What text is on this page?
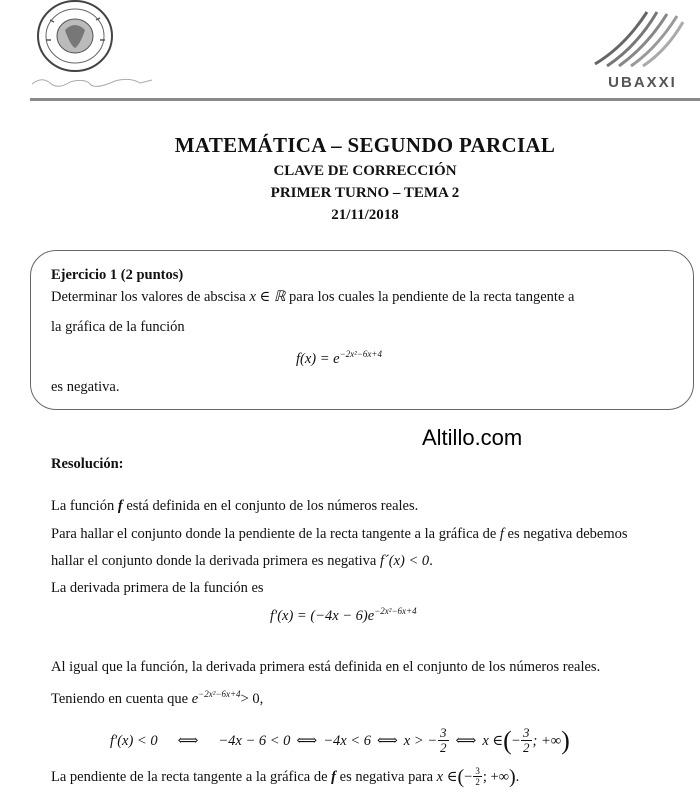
UBAXXI
MATEMÁTICA – SEGUNDO PARCIAL
CLAVE DE CORRECCIÓN
PRIMER TURNO – TEMA 2
21/11/2018
Ejercicio 1 (2 puntos)
Determinar los valores de abscisa x ∈ ℝ para los cuales la pendiente de la recta tangente a
la gráfica de la función
$f(x) = e^{-2x^2-6x+4}$
es negativa.
Altillo.com
Resolución:
La función f está definida en el conjunto de los números reales.
Para hallar el conjunto donde la pendiente de la recta tangente a la gráfica de f es negativa debemos
hallar el conjunto donde la derivada primera es negativa f´(x) < 0.
La derivada primera de la función es
$f'(x) = (-4x - 6)e^{-2x^2-6x+4}$
Al igual que la función, la derivada primera está definida en el conjunto de los números reales.
Teniendo en cuenta que $e^{-2x^2-6x+4}> 0$,
f′(x) < 0 ⟺ −4x − 6 < 0 ⟺ −4x < 6 ⟺ x > − $\frac{3}{2}$ ⟺ x ∈ ( − $\frac{3}{2}$ ; +∞ )
La pendiente de la recta tangente a la gráfica de
f
es negativa para
x ∈ ( − $\frac{3}{2}$ ; +∞ ) .
